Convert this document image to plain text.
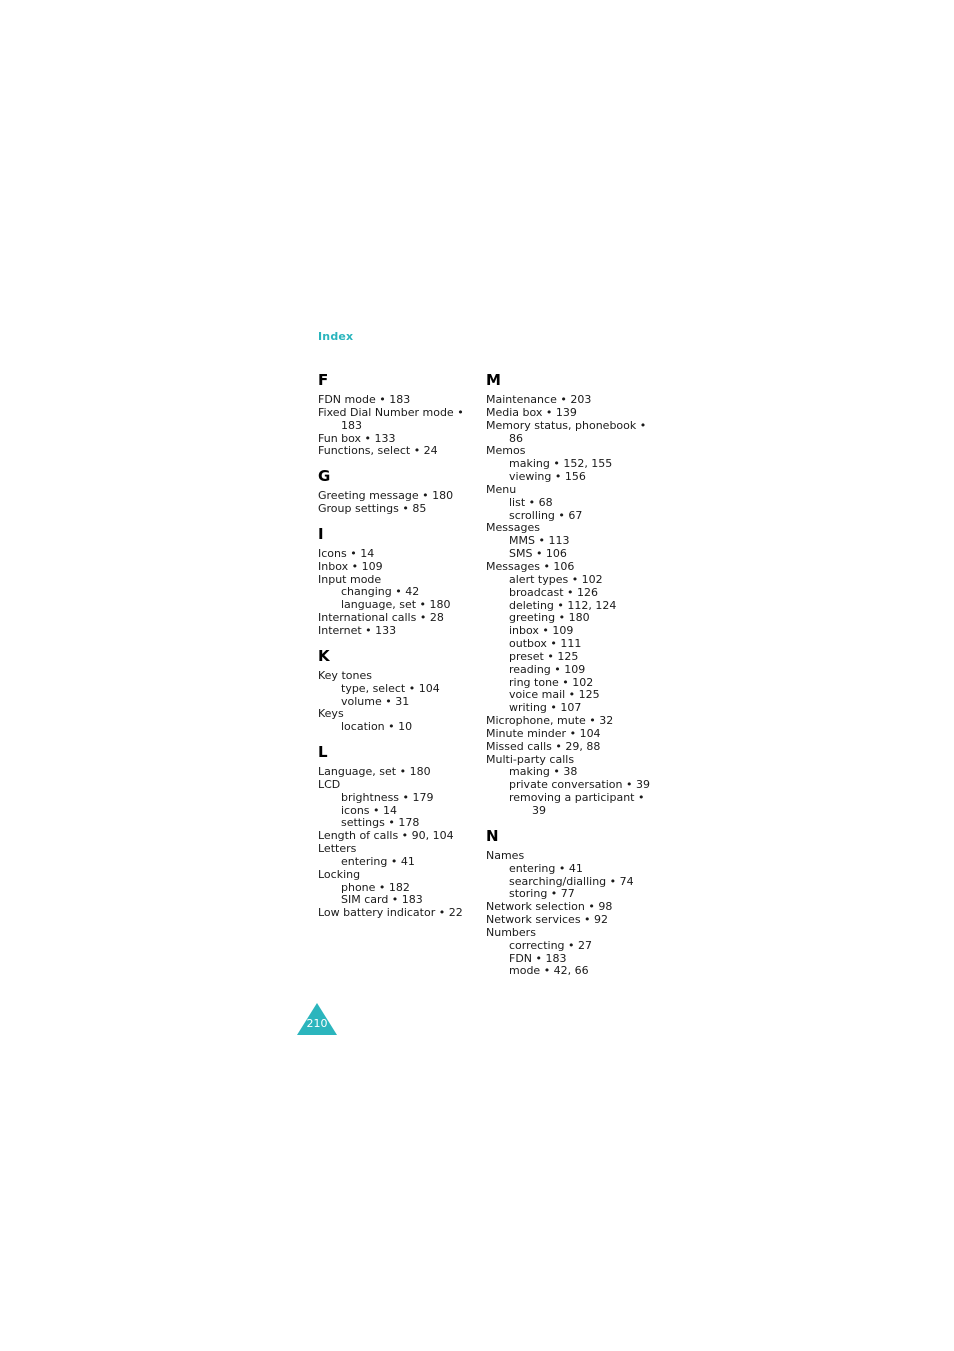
Index
F
FDN mode • 183
Fixed Dial Number mode •
183
Fun box • 133
Functions, select • 24
G
Greeting message • 180
Group settings • 85
I
Icons • 14
Inbox • 109
Input mode
changing • 42
language, set • 180
International calls • 28
Internet • 133
K
Key tones
type, select • 104
volume • 31
Keys
location • 10
L
Language, set • 180
LCD
brightness • 179
icons • 14
settings • 178
Length of calls • 90, 104
Letters
entering • 41
Locking
phone • 182
SIM card • 183
Low battery indicator • 22
M
Maintenance • 203
Media box • 139
Memory status, phonebook •
86
Memos
making • 152, 155
viewing • 156
Menu
list • 68
scrolling • 67
Messages
MMS • 113
SMS • 106
Messages • 106
alert types • 102
broadcast • 126
deleting • 112, 124
greeting • 180
inbox • 109
outbox • 111
preset • 125
reading • 109
ring tone • 102
voice mail • 125
writing • 107
Microphone, mute • 32
Minute minder • 104
Missed calls • 29, 88
Multi-party calls
making • 38
private conversation • 39
removing a participant •
39
N
Names
entering • 41
searching/dialling • 74
storing • 77
Network selection • 98
Network services • 92
Numbers
correcting • 27
FDN • 183
mode • 42, 66
210
